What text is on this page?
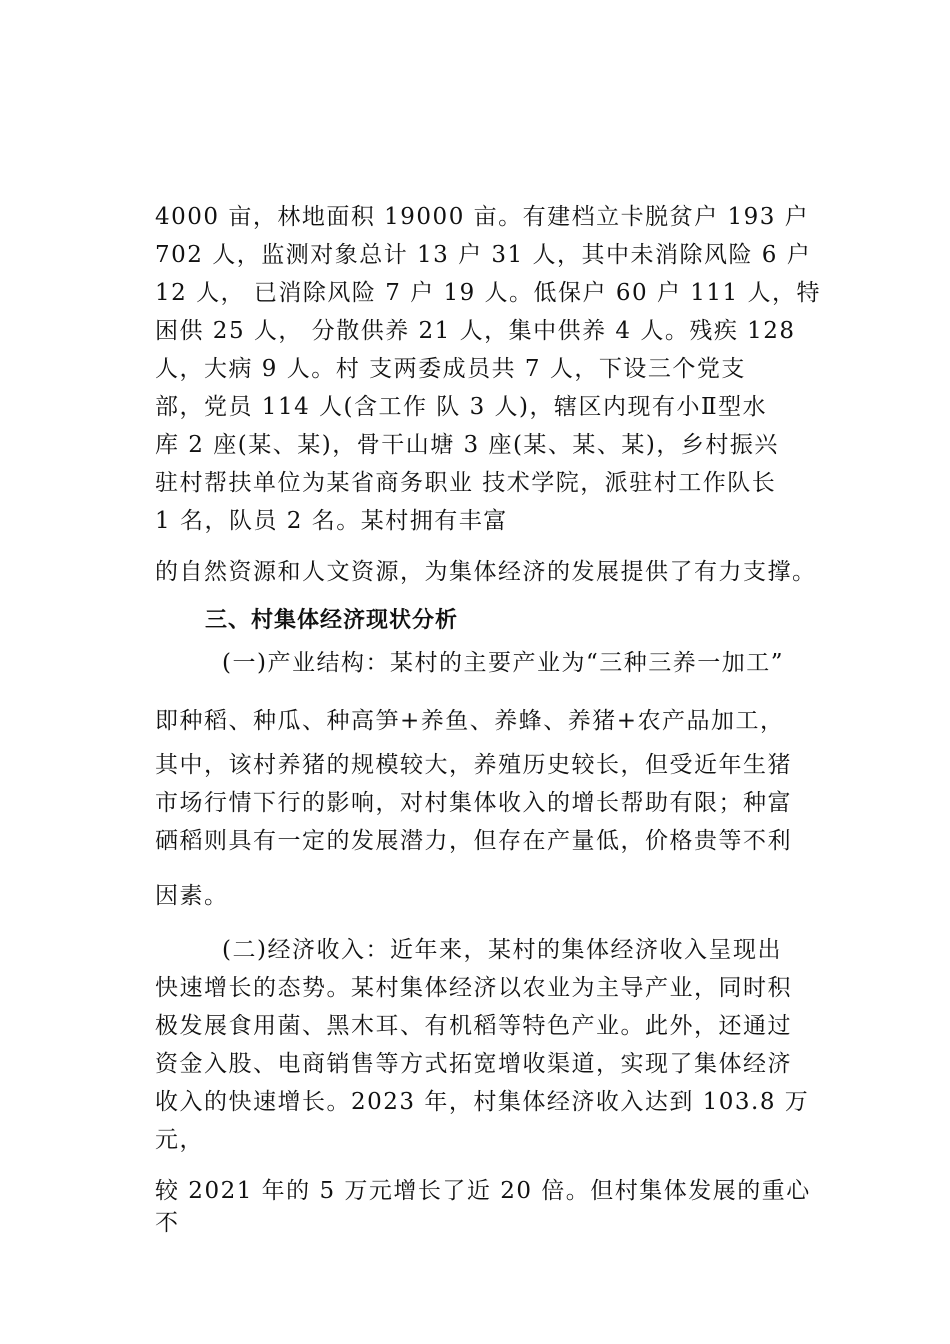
4000 亩，林地面积 19000 亩。有建档立卡脱贫户 193 户
702 人，监测对象总计 13 户 31 人，其中未消除风险 6 户
12 人， 已消除风险 7 户 19 人。低保户 60 户 111 人，特
困供 25 人， 分散供养 21 人，集中供养 4 人。残疾 128
人，大病 9 人。村 支两委成员共 7 人，下设三个党支
部，党员 114 人(含工作 队 3 人)，辖区内现有小Ⅱ型水
库 2 座(某、某)，骨干山塘 3 座(某、某、某)，乡村振兴
驻村帮扶单位为某省商务职业 技术学院，派驻村工作队长
1 名，队员 2 名。某村拥有丰富
的自然资源和人文资源，为集体经济的发展提供了有力支撑。
三、村集体经济现状分析
(一)产业结构：某村的主要产业为“三种三养一加工”
即种稻、种瓜、种高笋+养鱼、养蜂、养猪+农产品加工，
其中，该村养猪的规模较大，养殖历史较长，但受近年生猪
市场行情下行的影响，对村集体收入的增长帮助有限；种富
硒稻则具有一定的发展潜力，但存在产量低，价格贵等不利
因素。
(二)经济收入：近年来，某村的集体经济收入呈现出
快速增长的态势。某村集体经济以农业为主导产业，同时积
极发展食用菌、黑木耳、有机稻等特色产业。此外，还通过
资金入股、电商销售等方式拓宽增收渠道，实现了集体经济
收入的快速增长。2023 年，村集体经济收入达到 103.8 万
元，
较 2021 年的 5 万元增长了近 20 倍。但村集体发展的重心
不
